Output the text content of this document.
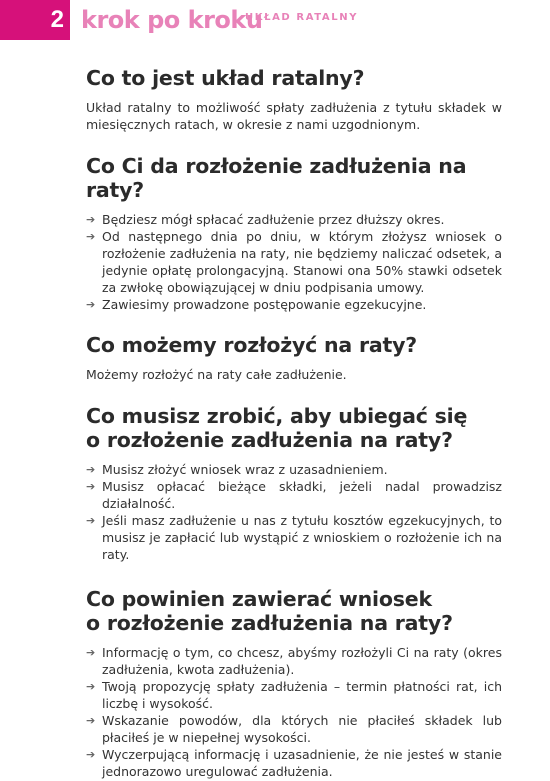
2 krok po kroku
UKŁAD RATALNY
Co to jest układ ratalny?

Układ ratalny to możliwość spłaty zadłużenia z tytułu składek w miesięcznych ratach, w okresie z nami uzgodnionym.

Co Ci da rozłożenie zadłużenia na raty?
➔ Będziesz mógł spłacać zadłużenie przez dłuższy okres.
➔ Od następnego dnia po dniu, w którym złożysz wniosek o rozłożenie zadłużenia na raty, nie będziemy naliczać odsetek, a jedynie opłatę prolongacyjną. Stanowi ona 50% stawki odsetek za zwłokę obowiązującej w dniu podpisania umowy.
➔ Zawiesimy prowadzone postępowanie egzekucyjne.
Co możemy rozłożyć na raty?

Możemy rozłożyć na raty całe zadłużenie.

Co musisz zrobić, aby ubiegać się
o rozłożenie zadłużenia na raty?
➔ Musisz złożyć wniosek wraz z uzasadnieniem.
➔ Musisz opłacać bieżące składki, jeżeli nadal prowadzisz działalność.
➔ Jeśli masz zadłużenie u nas z tytułu kosztów egzekucyjnych, to musisz je zapłacić lub wystąpić z wnioskiem o rozłożenie ich na raty.
Co powinien zawierać wniosek
o rozłożenie zadłużenia na raty?
➔ Informację o tym, co chcesz, abyśmy rozłożyli Ci na raty (okres zadłużenia, kwota zadłużenia).
➔ Twoją propozycję spłaty zadłużenia – termin płatności rat, ich liczbę i wysokość.
➔ Wskazanie powodów, dla których nie płaciłeś składek lub płaciłeś je w niepełnej wysokości.
➔ Wyczerpującą informację i uzasadnienie, że nie jesteś w stanie jednorazowo uregulować zadłużenia.
